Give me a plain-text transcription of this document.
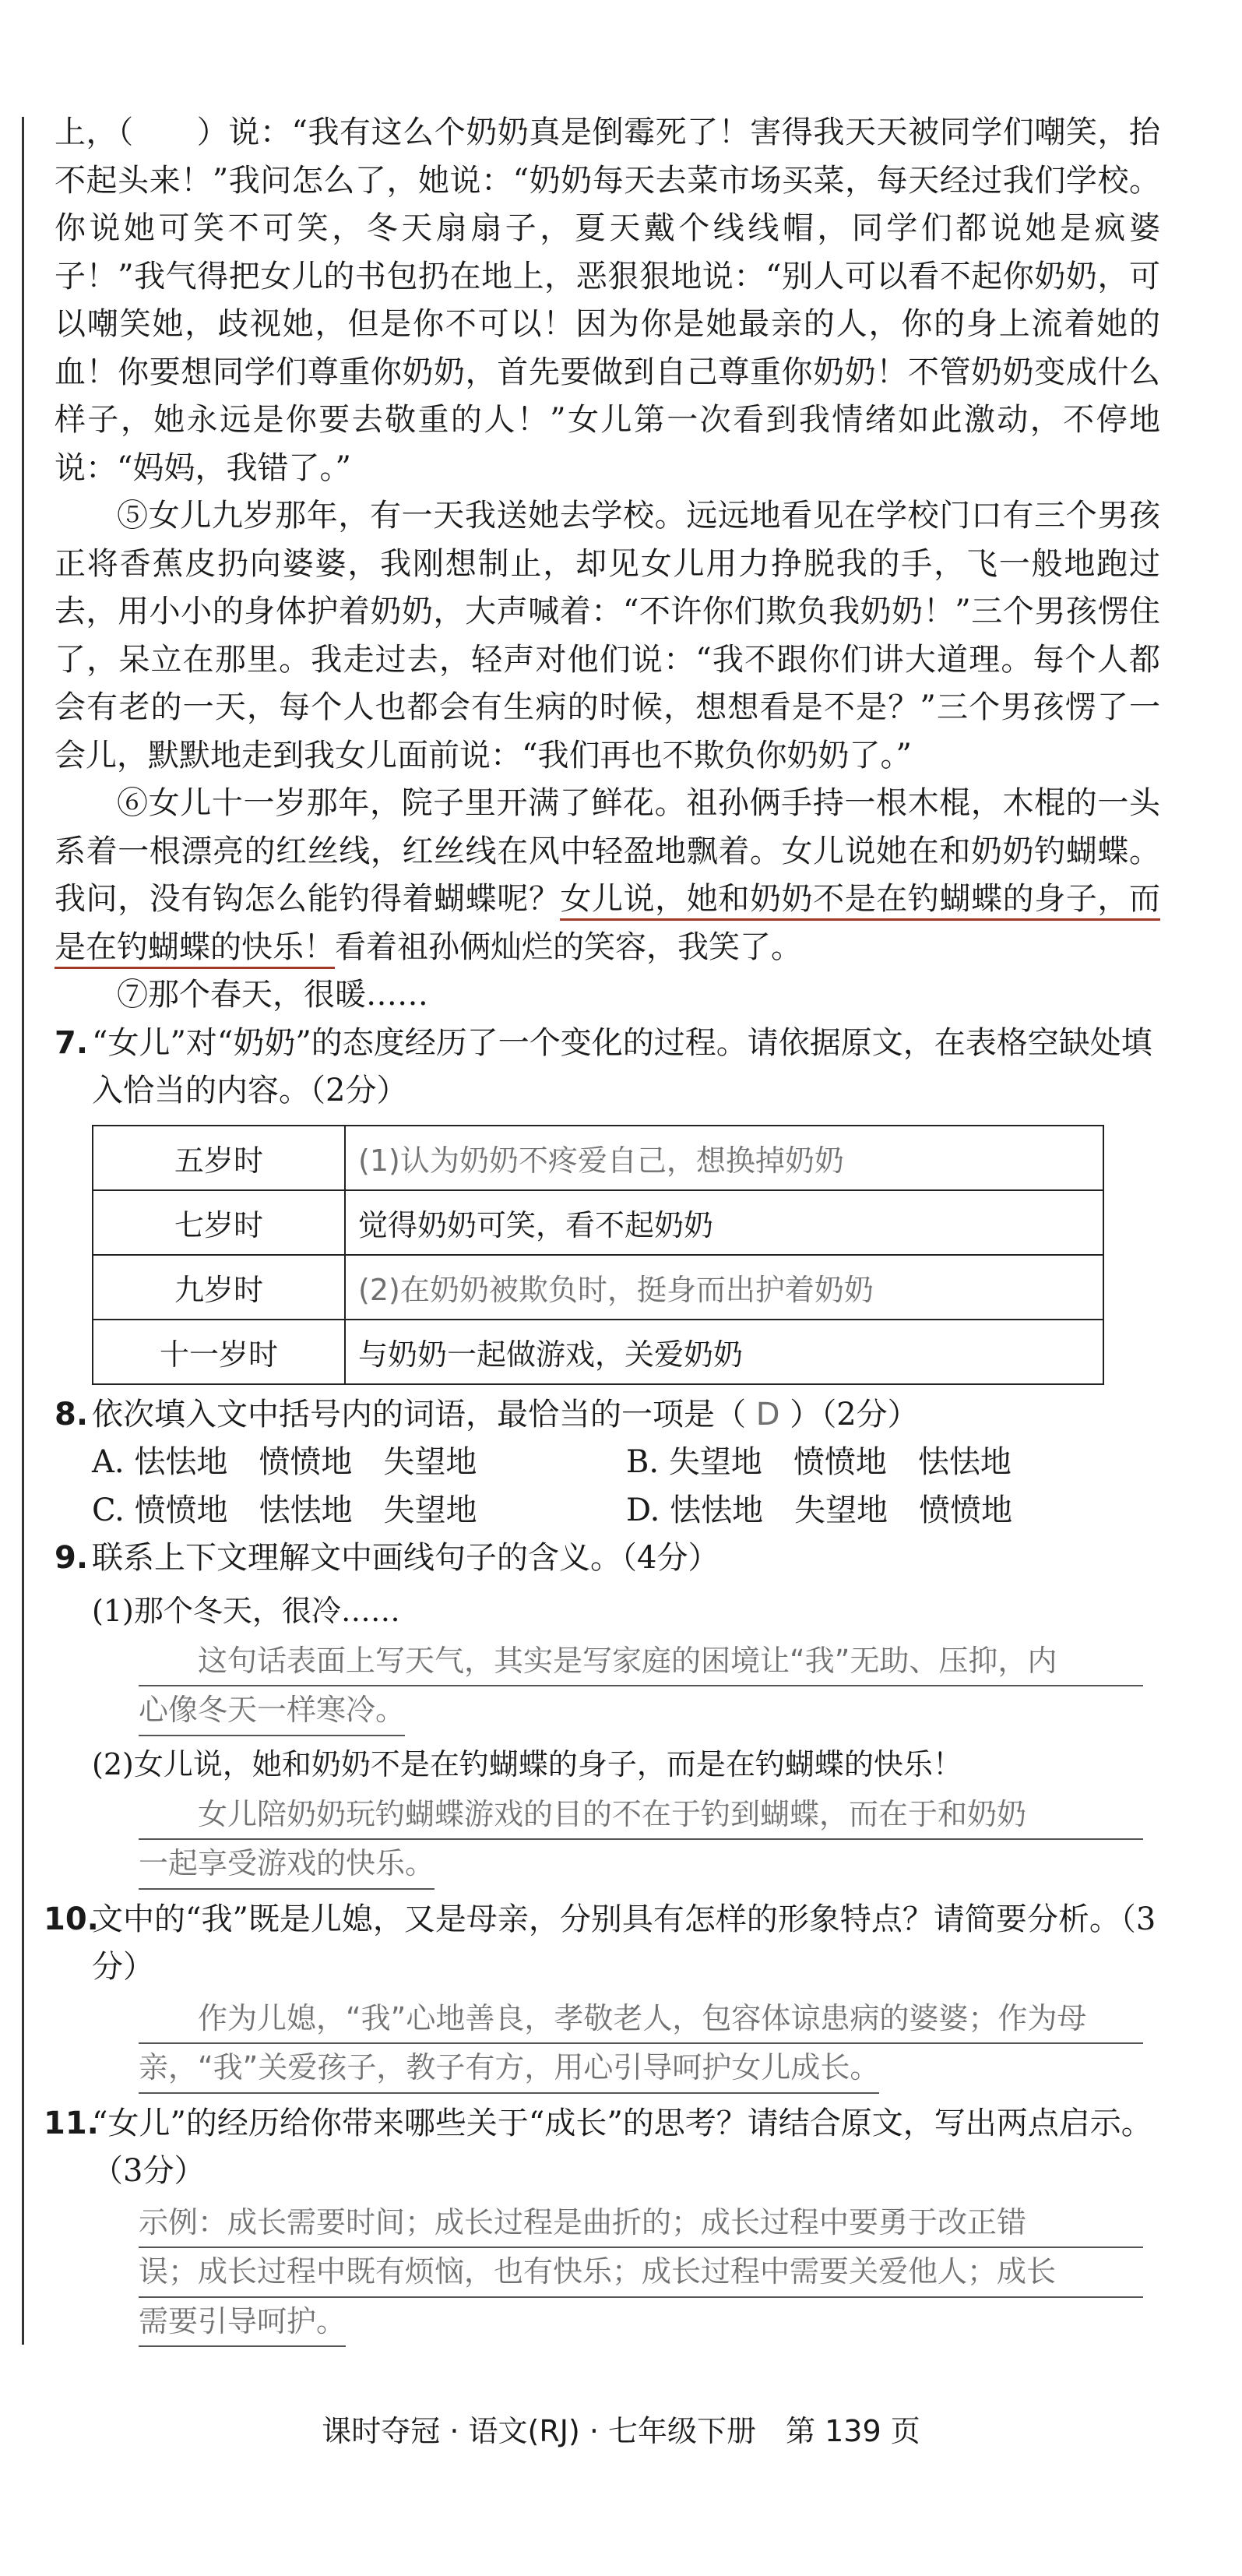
上，（　　）说：“我有这么个奶奶真是倒霉死了！害得我天天被同学们嘲笑，抬不起头来！”我问怎么了，她说：“奶奶每天去菜市场买菜，每天经过我们学校。你说她可笑不可笑，冬天扇扇子，夏天戴个线线帽，同学们都说她是疯婆子！”我气得把女儿的书包扔在地上，恶狠狠地说：“别人可以看不起你奶奶，可以嘲笑她，歧视她，但是你不可以！因为你是她最亲的人，你的身上流着她的血！你要想同学们尊重你奶奶，首先要做到自己尊重你奶奶！不管奶奶变成什么样子，她永远是你要去敬重的人！”女儿第一次看到我情绪如此激动，不停地说：“妈妈，我错了。”

⑤女儿九岁那年，有一天我送她去学校。远远地看见在学校门口有三个男孩正将香蕉皮扔向婆婆，我刚想制止，却见女儿用力挣脱我的手，飞一般地跑过去，用小小的身体护着奶奶，大声喊着：“不许你们欺负我奶奶！”三个男孩愣住了，呆立在那里。我走过去，轻声对他们说：“我不跟你们讲大道理。每个人都会有老的一天，每个人也都会有生病的时候，想想看是不是？”三个男孩愣了一会儿，默默地走到我女儿面前说：“我们再也不欺负你奶奶了。”

⑥女儿十一岁那年，院子里开满了鲜花。祖孙俩手持一根木棍，木棍的一头系着一根漂亮的红丝线，红丝线在风中轻盈地飘着。女儿说她在和奶奶钓蝴蝶。我问，没有钩怎么能钓得着蝴蝶呢？女儿说，她和奶奶不是在钓蝴蝶的身子，而是在钓蝴蝶的快乐！看着祖孙俩灿烂的笑容，我笑了。

⑦那个春天，很暖……

7. “女儿”对“奶奶”的态度经历了一个变化的过程。请依据原文，在表格空缺处填入恰当的内容。（2分）
五岁时	(1)认为奶奶不疼爱自己，想换掉奶奶
七岁时	觉得奶奶可笑，看不起奶奶
九岁时	(2)在奶奶被欺负时，挺身而出护着奶奶
十一岁时	与奶奶一起做游戏，关爱奶奶
8. 依次填入文中括号内的词语，最恰当的一项是（ D ）（2分）
A. 怯怯地　愤愤地　失望地	B. 失望地　愤愤地　怯怯地
C. 愤愤地　怯怯地　失望地	D. 怯怯地　失望地　愤愤地
9. 联系上下文理解文中画线句子的含义。（4分）
(1)那个冬天，很冷……
这句话表面上写天气，其实是写家庭的困境让“我”无助、压抑，内
心像冬天一样寒冷。
(2)女儿说，她和奶奶不是在钓蝴蝶的身子，而是在钓蝴蝶的快乐！
女儿陪奶奶玩钓蝴蝶游戏的目的不在于钓到蝴蝶，而在于和奶奶
一起享受游戏的快乐。
10.
文中的“我”既是儿媳，又是母亲，分别具有怎样的形象特点？请简要分析。（3分）
作为儿媳，“我”心地善良，孝敬老人，包容体谅患病的婆婆；作为母
亲，“我”关爱孩子，教子有方，用心引导呵护女儿成长。
11.
“女儿”的经历给你带来哪些关于“成长”的思考？请结合原文，写出两点启示。（3分）
示例：成长需要时间；成长过程是曲折的；成长过程中要勇于改正错
误；成长过程中既有烦恼，也有快乐；成长过程中需要关爱他人；成长
需要引导呵护。
课时夺冠 · 语文(RJ) · 七年级下册　第 139 页
